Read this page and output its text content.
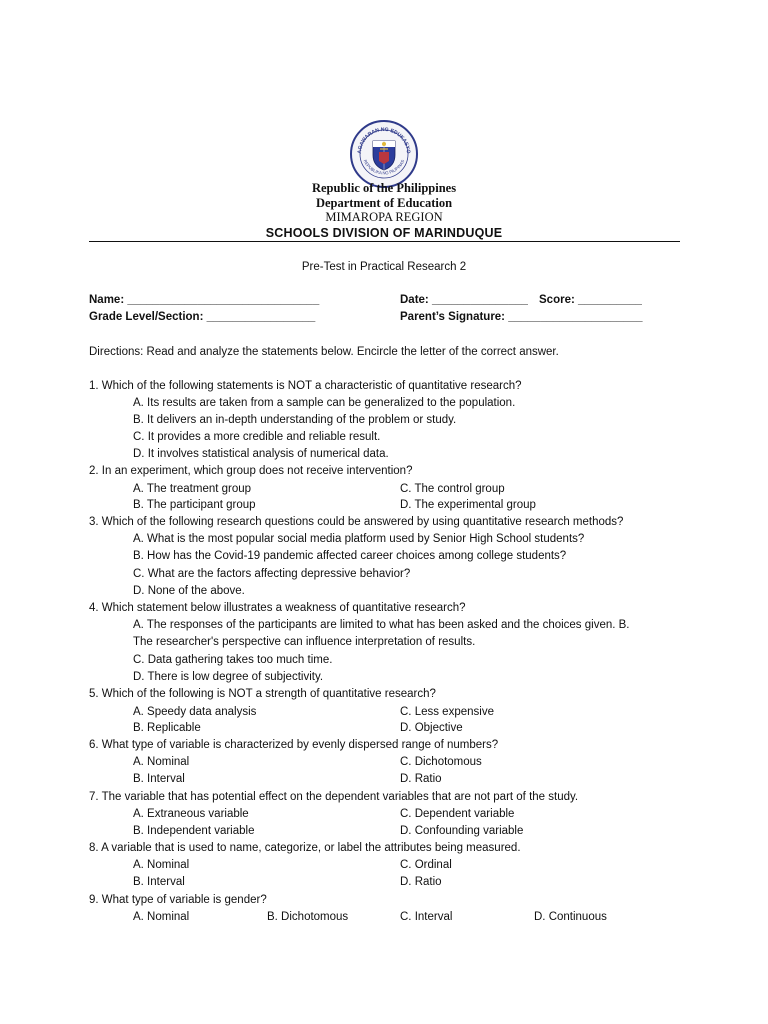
AGAWARAN NG EDUKASYO
REPUBLIKA NG PILIPINAS
Republic of the Philippines
Department of Education
MIMAROPA REGION
SCHOOLS DIVISION OF MARINDUQUE
Pre-Test in Practical Research 2
Name: ______________________________	Date: _______________ Score: __________
Grade Level/Section: _________________	Parent’s Signature: _____________________
Directions: Read and analyze the statements below. Encircle the letter of the correct answer.
1. Which of the following statements is NOT a characteristic of quantitative research?
A. Its results are taken from a sample can be generalized to the population.
B. It delivers an in-depth understanding of the problem or study.
C. It provides a more credible and reliable result.
D. It involves statistical analysis of numerical data.
2. In an experiment, which group does not receive intervention?
A. The treatment group	C. The control group
B. The participant group	D. The experimental group
3. Which of the following research questions could be answered by using quantitative research methods?
A. What is the most popular social media platform used by Senior High School students?
B. How has the Covid-19 pandemic affected career choices among college students?
C. What are the factors affecting depressive behavior?
D. None of the above.
4. Which statement below illustrates a weakness of quantitative research?
A. The responses of the participants are limited to what has been asked and the choices given. B.
The researcher's perspective can influence interpretation of results.
C. Data gathering takes too much time.
D. There is low degree of subjectivity.
5. Which of the following is NOT a strength of quantitative research?
A. Speedy data analysis	C. Less expensive
B. Replicable	D. Objective
6. What type of variable is characterized by evenly dispersed range of numbers?
A. Nominal	C. Dichotomous
B. Interval	D. Ratio
7. The variable that has potential effect on the dependent variables that are not part of the study.
A. Extraneous variable	C. Dependent variable
B. Independent variable	D. Confounding variable
8. A variable that is used to name, categorize, or label the attributes being measured.
A. Nominal	C. Ordinal
B. Interval	D. Ratio
9. What type of variable is gender?
A. Nominal	B. Dichotomous	C. Interval	D. Continuous
